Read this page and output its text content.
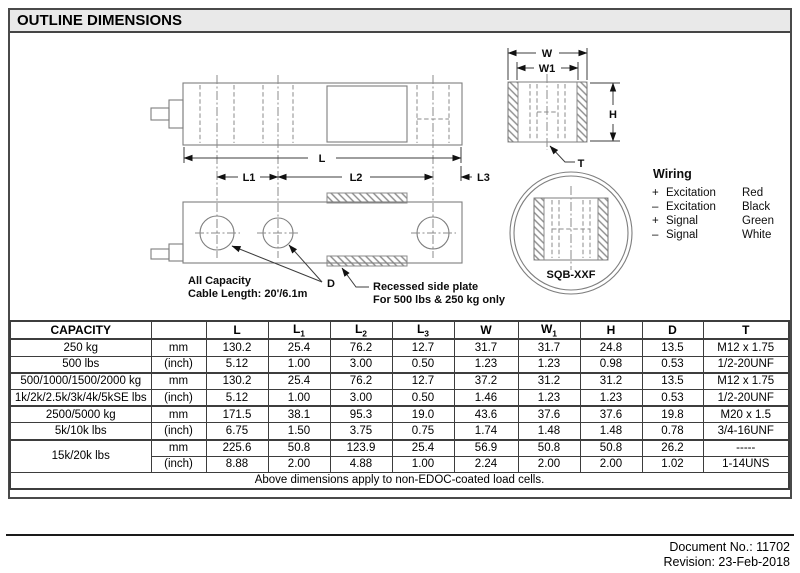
OUTLINE DIMENSIONS
L
L1	L2	L3
D
All Capacity
Cable Length: 20'/6.1m
Recessed side plate
For 500 lbs & 250 kg only
W
W1
H
T
SQB-XXF
Wiring
+ Excitation Red
– Excitation Black
+ Signal	Green
– Signal	White
CAPACITY		L	$L_1$	$L_2$	$L_3$	W	$W_1$	H	D	T
250 kg	mm	130.2	25.4	76.2	12.7	31.7	31.7	24.8	13.5	M12 x 1.75
500 lbs	(inch)	5.12	1.00	3.00	0.50	1.23	1.23	0.98	0.53	1/2-20UNF
500/1000/1500/2000 kg	mm	130.2	25.4	76.2	12.7	37.2	31.2	31.2	13.5	M12 x 1.75
1k/2k/2.5k/3k/4k/5kSE lbs	(inch)	5.12	1.00	3.00	0.50	1.46	1.23	1.23	0.53	1/2-20UNF
2500/5000 kg	mm	171.5	38.1	95.3	19.0	43.6	37.6	37.6	19.8	M20 x 1.5
5k/10k lbs	(inch)	6.75	1.50	3.75	0.75	1.74	1.48	1.48	0.78	3/4-16UNF
15k/20k lbs	mm	225.6	50.8	123.9	25.4	56.9	50.8	50.8	26.2	-----
	(inch)	8.88	2.00	4.88	1.00	2.24	2.00	2.00	1.02	1-14UNS
Above dimensions apply to non-EDOC-coated load cells.										
Document No.: 11702
Revision: 23-Feb-2018
